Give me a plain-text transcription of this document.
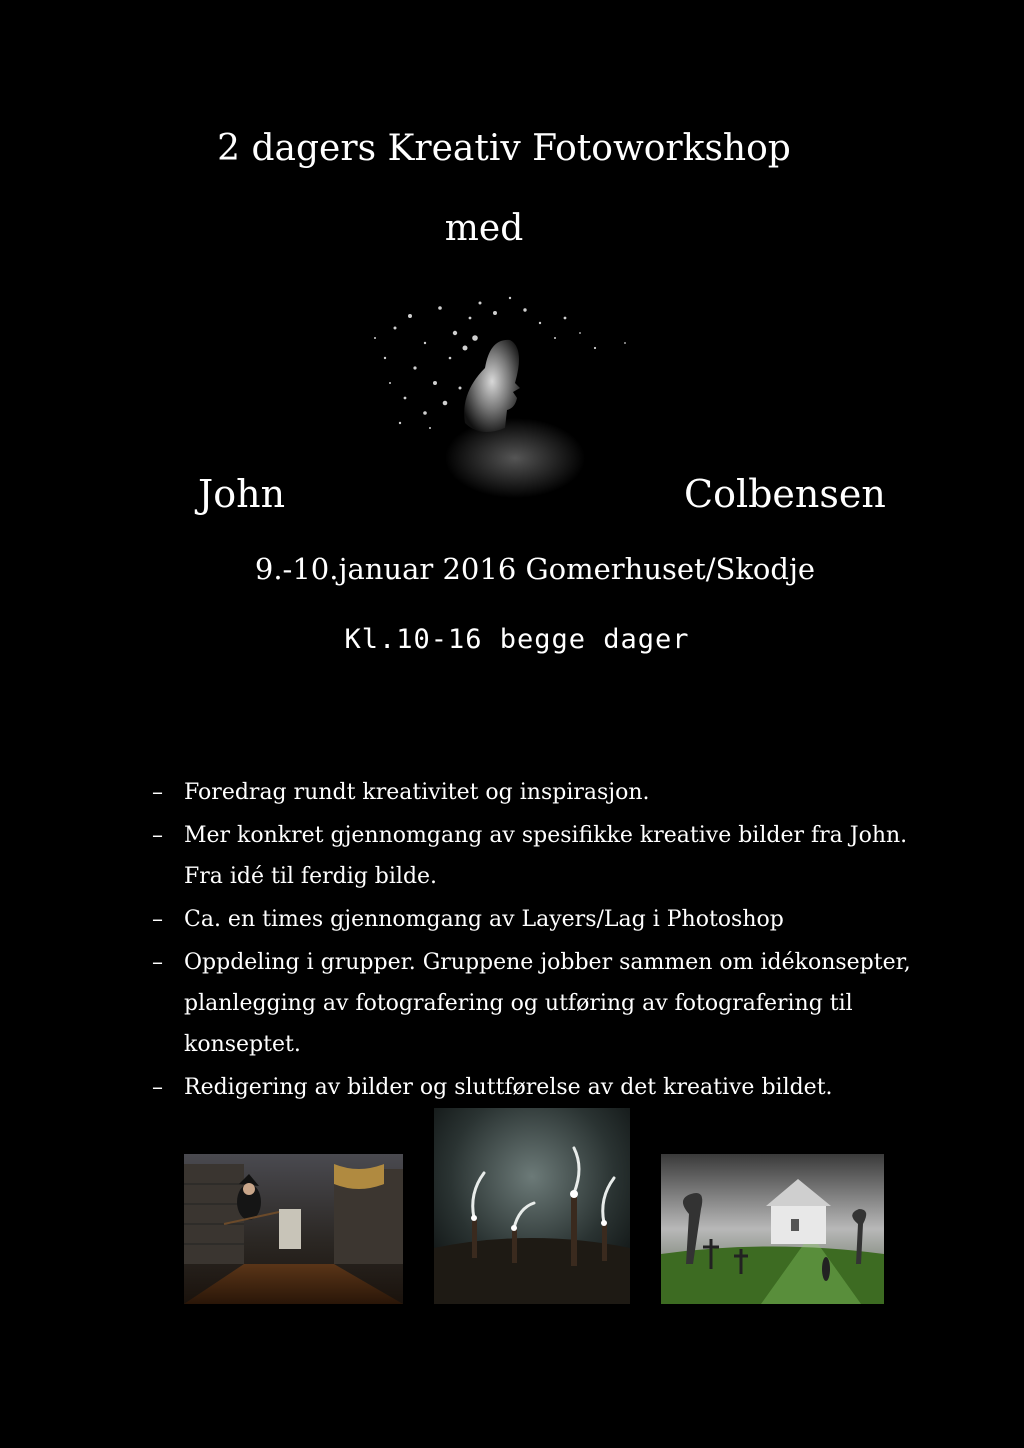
2 dagers Kreativ Fotoworkshop
med
John	Colbensen
9.-10.januar 2016 Gomerhuset/Skodje
Kl.10-16 begge dager
– Foredrag rundt kreativitet og inspirasjon.
– Mer konkret gjennomgang av spesifikke kreative bilder fra John. Fra idé til ferdig bilde.
– Ca. en times gjennomgang av Layers/Lag i Photoshop
– Oppdeling i grupper. Gruppene jobber sammen om idékonsepter, planlegging av fotografering og utføring av fotografering til konseptet.
– Redigering av bilder og sluttførelse av det kreative bildet.
